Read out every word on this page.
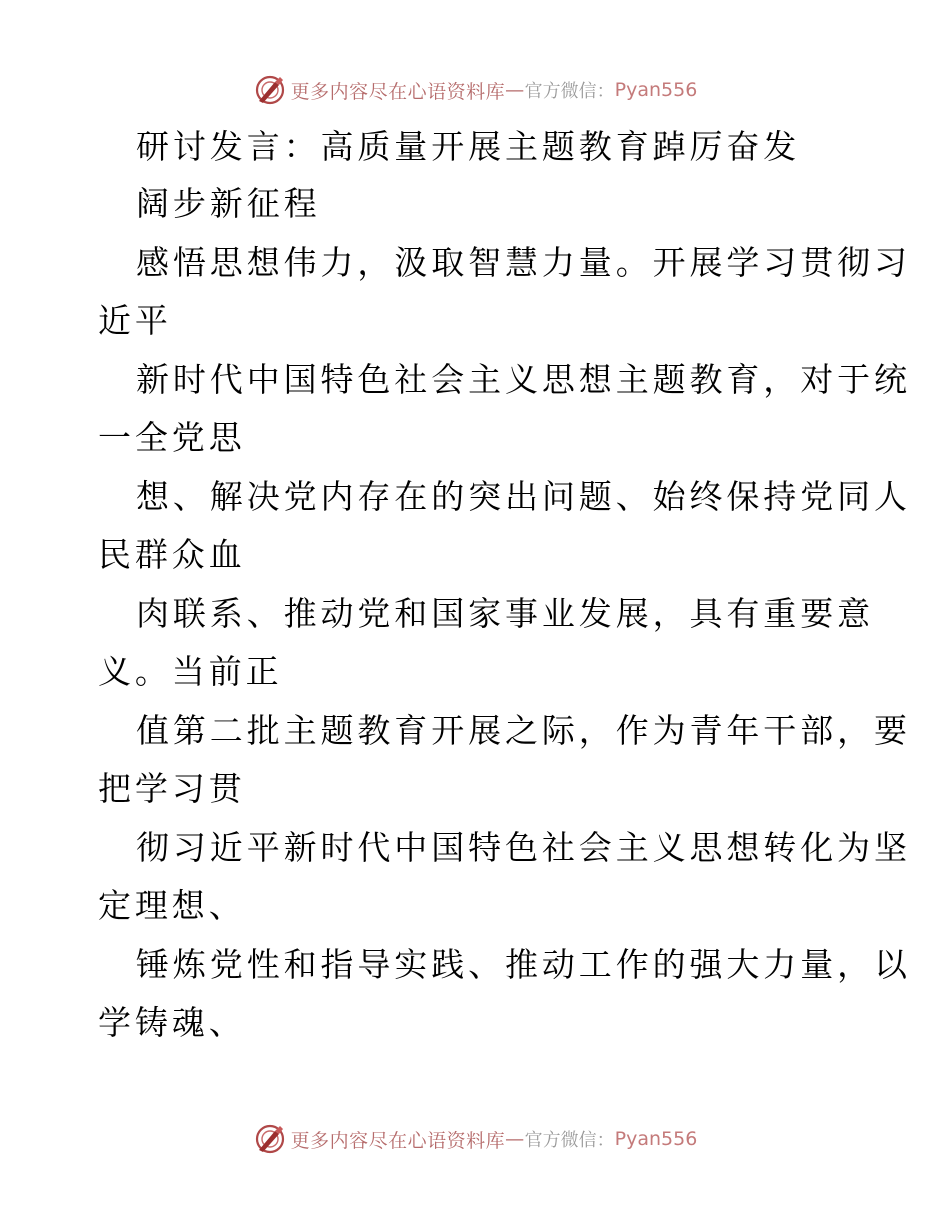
更多内容尽在心语资料库 — 官方微信： Pyan556
研讨发言：高质量开展主题教育踔厉奋发
阔步新征程
感悟思想伟力，汲取智慧力量。开展学习贯彻习
近平
新时代中国特色社会主义思想主题教育，对于统
一全党思
想、解决党内存在的突出问题、始终保持党同人
民群众血
肉联系、推动党和国家事业发展，具有重要意
义。当前正
值第二批主题教育开展之际，作为青年干部，要
把学习贯
彻习近平新时代中国特色社会主义思想转化为坚
定理想、
锤炼党性和指导实践、推动工作的强大力量，以
学铸魂、
更多内容尽在心语资料库 — 官方微信： Pyan556
